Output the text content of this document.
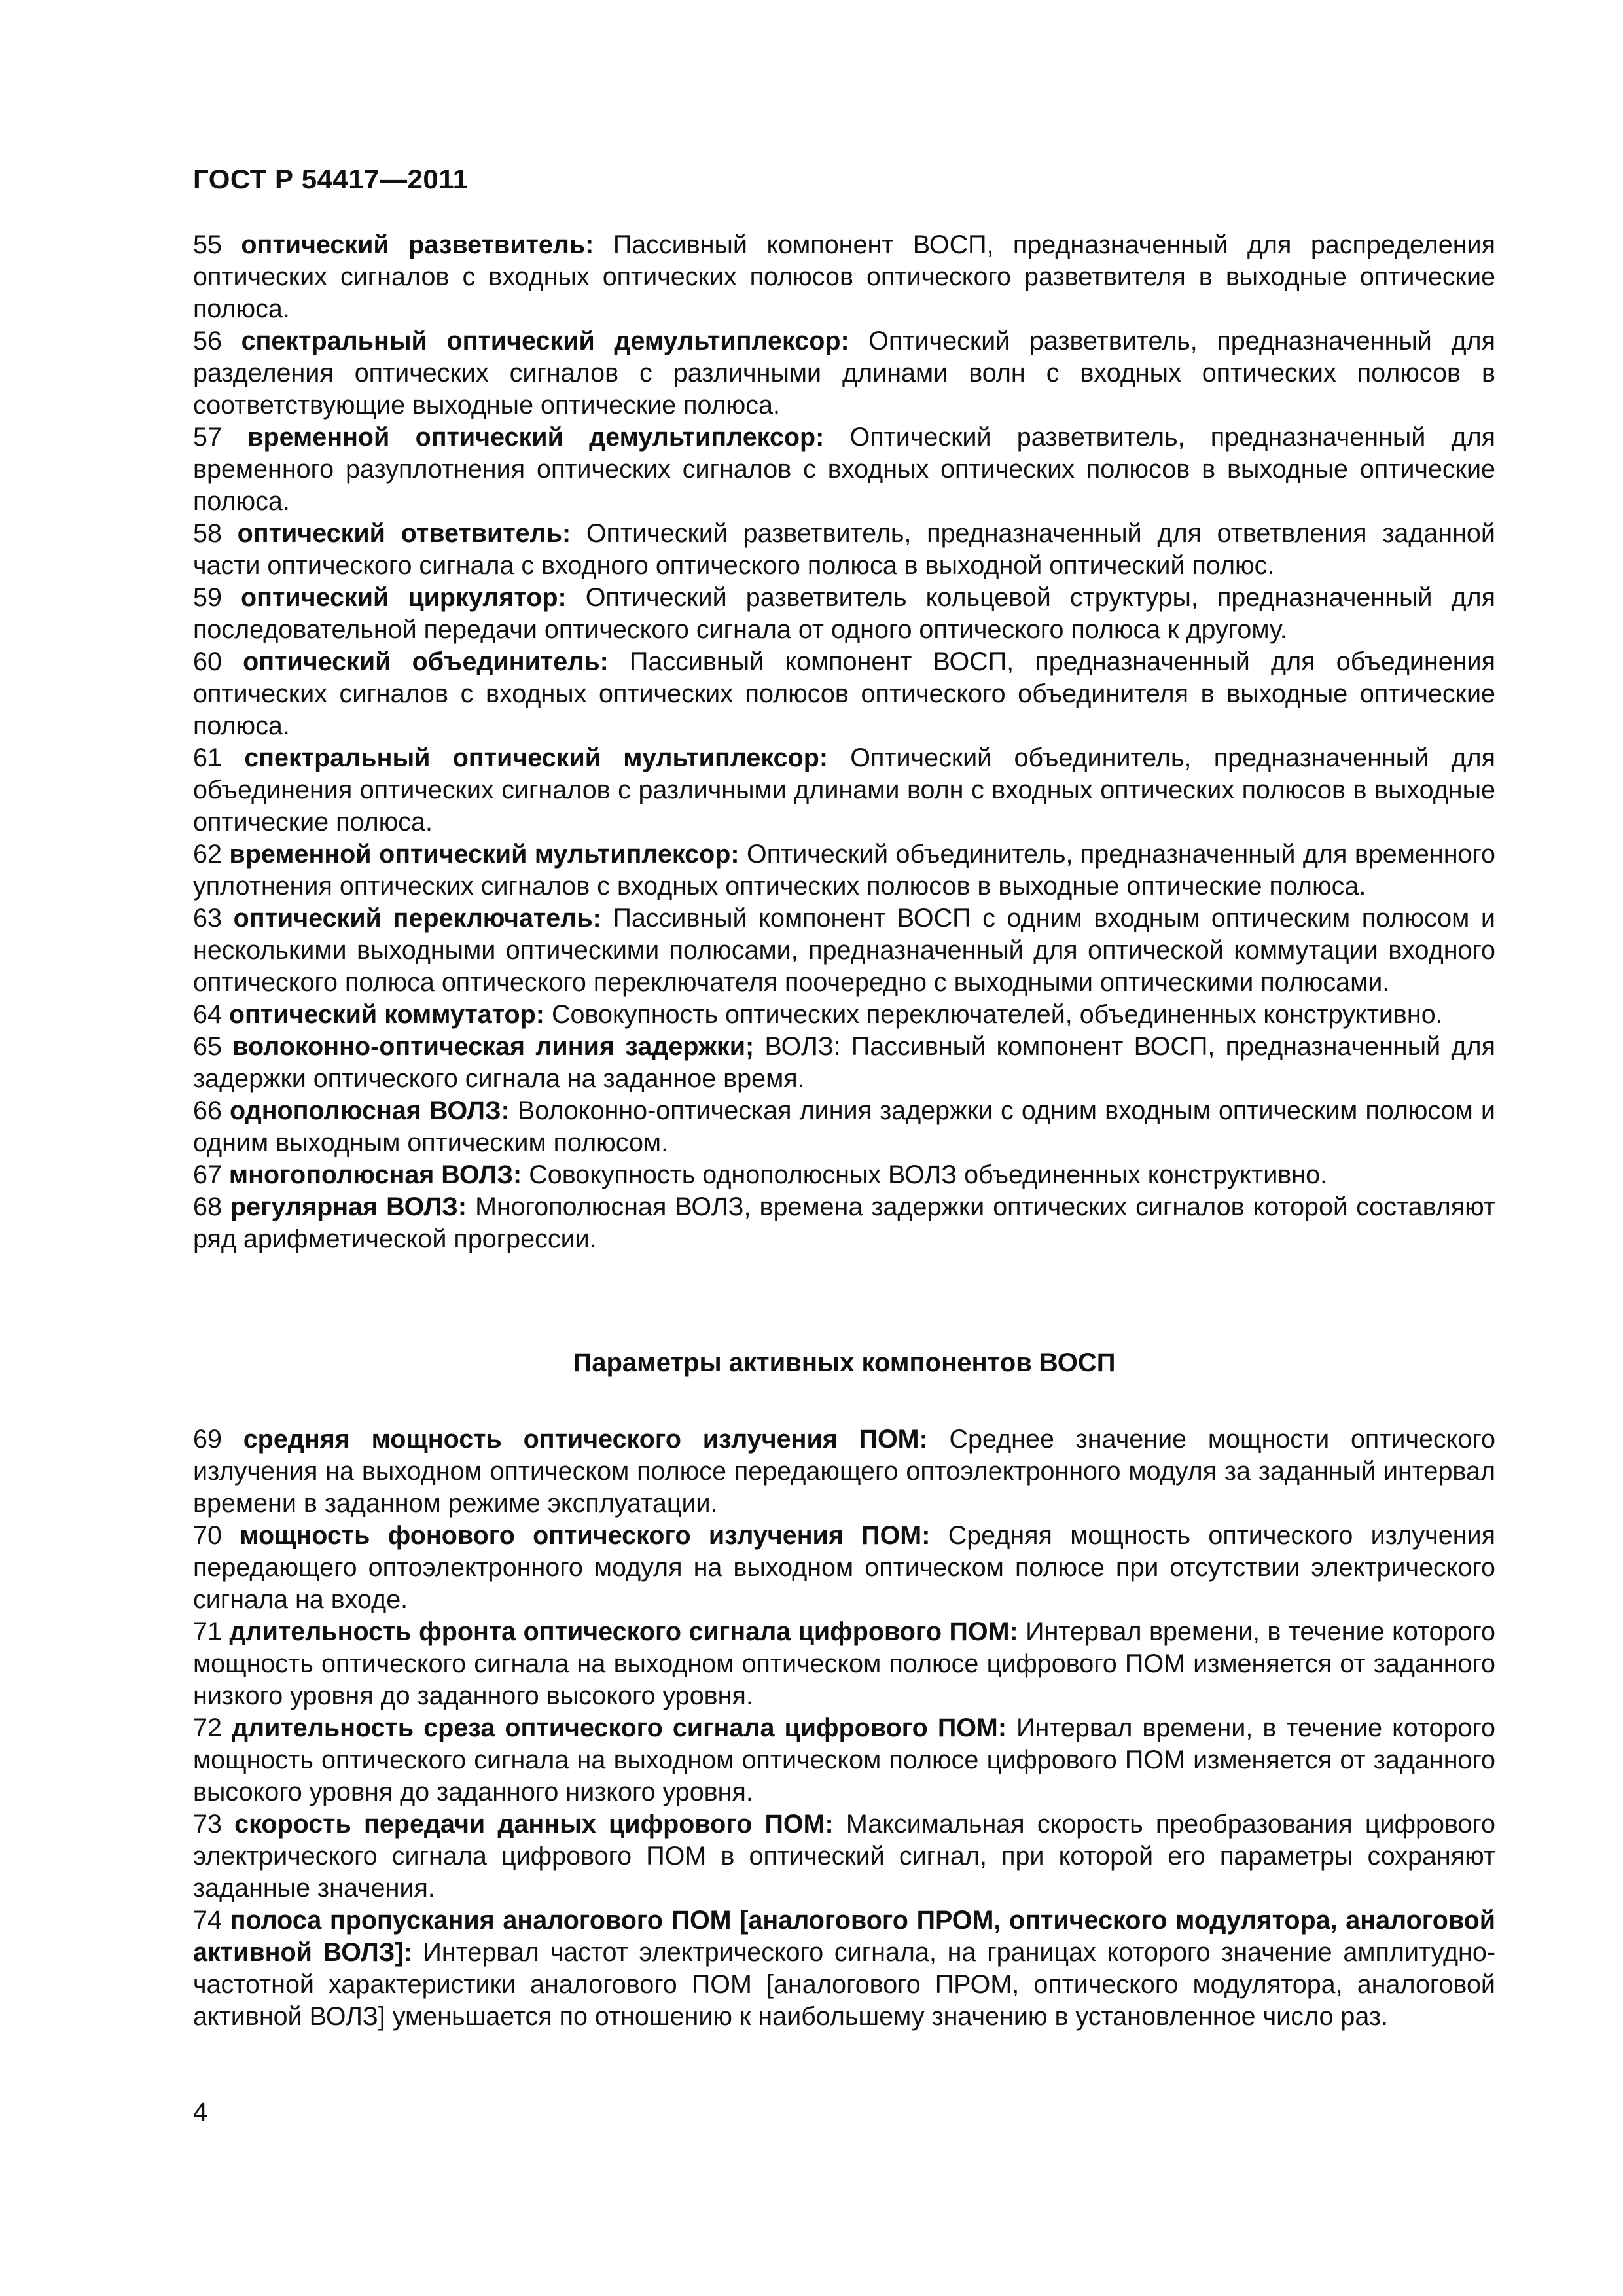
ГОСТ Р 54417—2011

55 оптический разветвитель: Пассивный компонент ВОСП, предназначенный для распределения оптических сигналов с входных оптических полюсов оптического разветвителя в выходные оптические полюса.

56 спектральный оптический демультиплексор: Оптический разветвитель, предназначенный для разделения оптических сигналов с различными длинами волн с входных оптических полюсов в соответствующие выходные оптические полюса.

57 временной оптический демультиплексор: Оптический разветвитель, предназначенный для временного разуплотнения оптических сигналов с входных оптических полюсов в выходные оптические полюса.

58 оптический ответвитель: Оптический разветвитель, предназначенный для ответвления заданной части оптического сигнала с входного оптического полюса в выходной оптический полюс.

59 оптический циркулятор: Оптический разветвитель кольцевой структуры, предназначенный для последовательной передачи оптического сигнала от одного оптического полюса к другому.

60 оптический объединитель: Пассивный компонент ВОСП, предназначенный для объединения оптических сигналов с входных оптических полюсов оптического объединителя в выходные оптические полюса.

61 спектральный оптический мультиплексор: Оптический объединитель, предназначенный для объединения оптических сигналов с различными длинами волн с входных оптических полюсов в выходные оптические полюса.

62 временной оптический мультиплексор: Оптический объединитель, предназначенный для временного уплотнения оптических сигналов с входных оптических полюсов в выходные оптические полюса.

63 оптический переключатель: Пассивный компонент ВОСП с одним входным оптическим полюсом и несколькими выходными оптическими полюсами, предназначенный для оптической коммутации входного оптического полюса оптического переключателя поочередно с выходными оптическими полюсами.

64 оптический коммутатор: Совокупность оптических переключателей, объединенных конструктивно.

65 волоконно-оптическая линия задержки; ВОЛЗ: Пассивный компонент ВОСП, предназначенный для задержки оптического сигнала на заданное время.

66 однополюсная ВОЛЗ: Волоконно-оптическая линия задержки с одним входным оптическим полюсом и одним выходным оптическим полюсом.

67 многополюсная ВОЛЗ: Совокупность однополюсных ВОЛЗ объединенных конструктивно.

68 регулярная ВОЛЗ: Многополюсная ВОЛЗ, времена задержки оптических сигналов которой составляют ряд арифметической прогрессии.

Параметры активных компонентов ВОСП

69 средняя мощность оптического излучения ПОМ: Среднее значение мощности оптического излучения на выходном оптическом полюсе передающего оптоэлектронного модуля за заданный интервал времени в заданном режиме эксплуатации.

70 мощность фонового оптического излучения ПОМ: Средняя мощность оптического излучения передающего оптоэлектронного модуля на выходном оптическом полюсе при отсутствии электрического сигнала на входе.

71 длительность фронта оптического сигнала цифрового ПОМ: Интервал времени, в течение которого мощность оптического сигнала на выходном оптическом полюсе цифрового ПОМ изменяется от заданного низкого уровня до заданного высокого уровня.

72 длительность среза оптического сигнала цифрового ПОМ: Интервал времени, в течение которого мощность оптического сигнала на выходном оптическом полюсе цифрового ПОМ изменяется от заданного высокого уровня до заданного низкого уровня.

73 скорость передачи данных цифрового ПОМ: Максимальная скорость преобразования цифрового электрического сигнала цифрового ПОМ в оптический сигнал, при которой его параметры сохраняют заданные значения.

74 полоса пропускания аналогового ПОМ [аналогового ПРОМ, оптического модулятора, аналоговой активной ВОЛЗ]: Интервал частот электрического сигнала, на границах которого значение амплитудно-частотной характеристики аналогового ПОМ [аналогового ПРОМ, оптического модулятора, аналоговой активной ВОЛЗ] уменьшается по отношению к наибольшему значению в установленное число раз.

4
